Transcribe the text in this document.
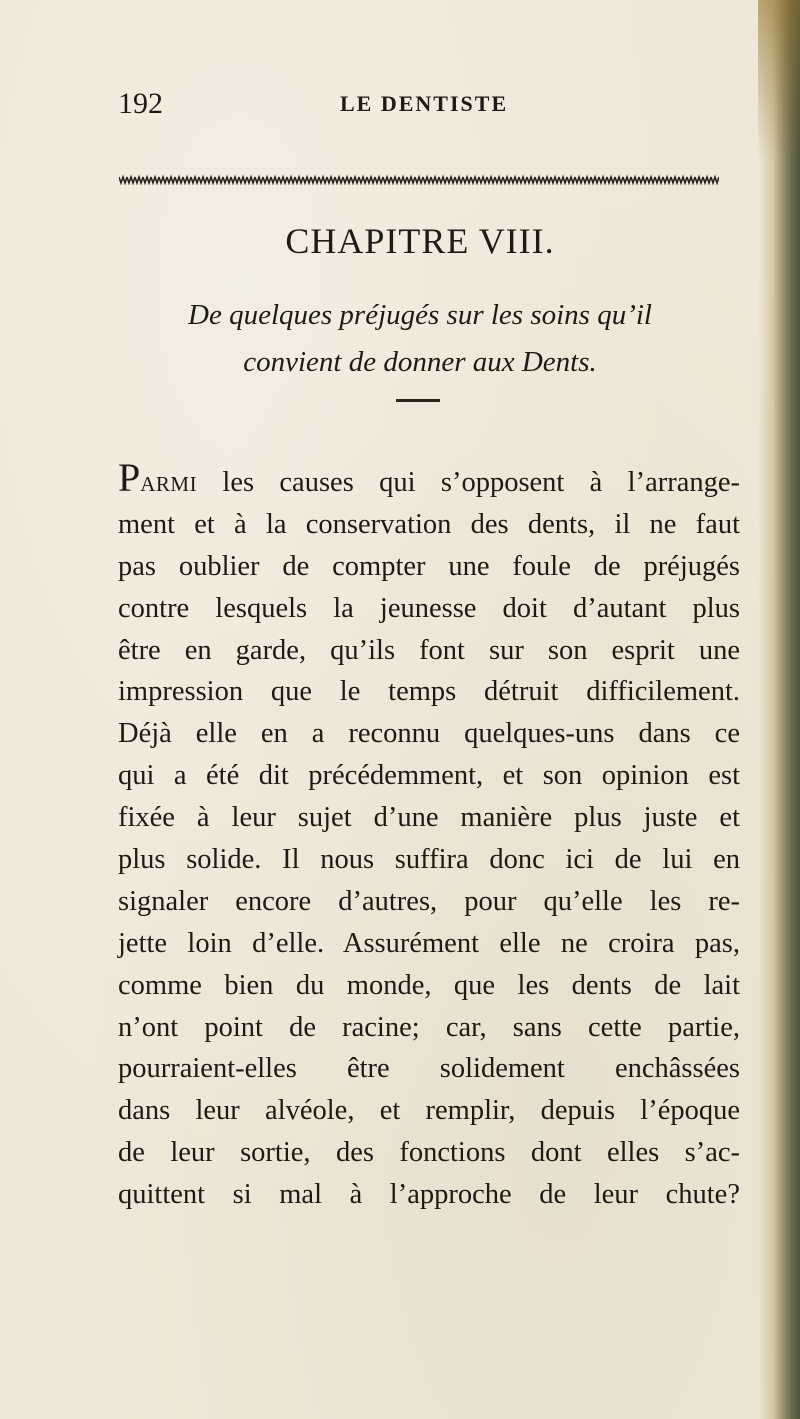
192	LE DENTISTE
CHAPITRE VIII.
De quelques préjugés sur les soins qu’il
convient de donner aux Dents.
PARMI les causes qui s’opposent à l’arrange-
ment et à la conservation des dents, il ne faut
pas oublier de compter une foule de préjugés
contre lesquels la jeunesse doit d’autant plus
être en garde, qu’ils font sur son esprit une
impression que le temps détruit difficilement.
Déjà elle en a reconnu quelques-uns dans ce
qui a été dit précédemment, et son opinion est
fixée à leur sujet d’une manière plus juste et
plus solide. Il nous suffira donc ici de lui en
signaler encore d’autres, pour qu’elle les re-
jette loin d’elle. Assurément elle ne croira pas,
comme bien du monde, que les dents de lait
n’ont point de racine; car, sans cette partie,
pourraient-elles être solidement enchâssées
dans leur alvéole, et remplir, depuis l’époque
de leur sortie, des fonctions dont elles s’ac-
quittent si mal à l’approche de leur chute?
